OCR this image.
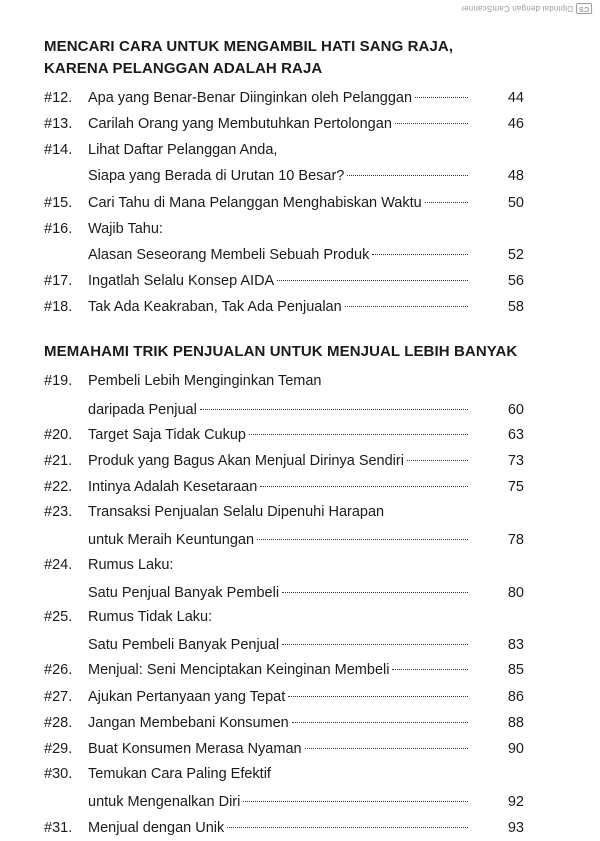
CS
Dipindai dengan CamScanner
MENCARI CARA UNTUK MENGAMBIL HATI SANG RAJA,
KARENA PELANGGAN ADALAH RAJA
#12.	Apa yang Benar-Benar Diinginkan oleh Pelanggan	44
#13.	Carilah Orang yang Membutuhkan Pertolongan	46
#14.	Lihat Daftar Pelanggan Anda,
Siapa yang Berada di Urutan 10 Besar?	48
#15.	Cari Tahu di Mana Pelanggan Menghabiskan Waktu	50
#16.	Wajib Tahu:
Alasan Seseorang Membeli Sebuah Produk	52
#17.	Ingatlah Selalu Konsep AIDA	56
#18.	Tak Ada Keakraban, Tak Ada Penjualan	58
MEMAHAMI TRIK PENJUALAN UNTUK MENJUAL LEBIH BANYAK
#19.	Pembeli Lebih Menginginkan Teman
daripada Penjual	60
#20.	Target Saja Tidak Cukup	63
#21.	Produk yang Bagus Akan Menjual Dirinya Sendiri	73
#22.	Intinya Adalah Kesetaraan	75
#23.	Transaksi Penjualan Selalu Dipenuhi Harapan
untuk Meraih Keuntungan	78
#24.	Rumus Laku:
Satu Penjual Banyak Pembeli	80
#25.	Rumus Tidak Laku:
Satu Pembeli Banyak Penjual	83
#26.	Menjual: Seni Menciptakan Keinginan Membeli	85
#27.	Ajukan Pertanyaan yang Tepat	86
#28.	Jangan Membebani Konsumen	88
#29.	Buat Konsumen Merasa Nyaman	90
#30.	Temukan Cara Paling Efektif
untuk Mengenalkan Diri	92
#31.	Menjual dengan Unik	93
